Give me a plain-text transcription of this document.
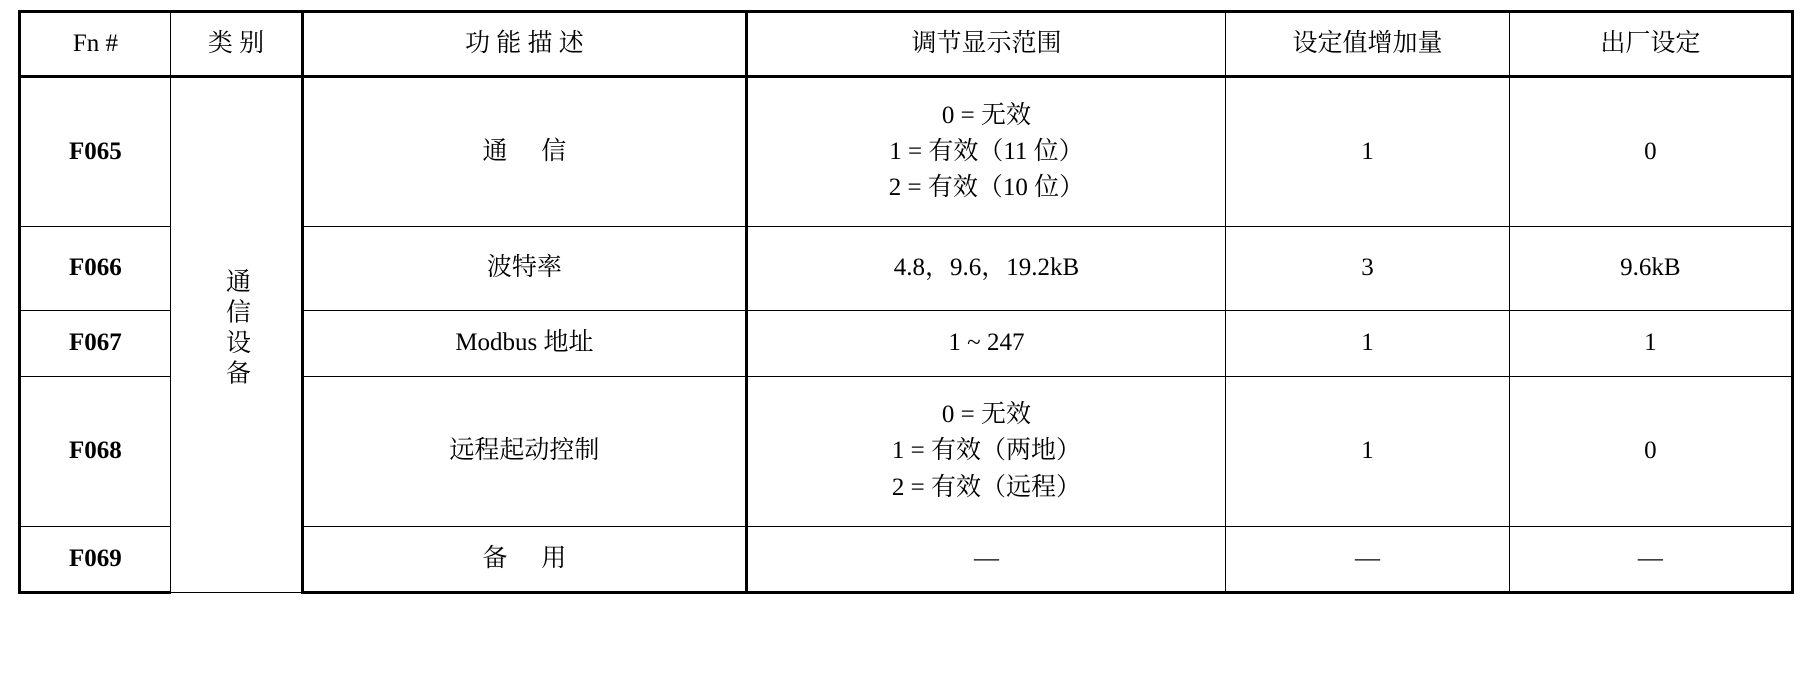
Fn #	类 别	功 能 描 述	调节显示范围	设定值增加量	出厂设定
F065	通信设备	通 信	0 = 无效
1 = 有效（11 位）
2 = 有效（10 位）	1	0
F066		波特率	4.8，9.6，19.2kB	3	9.6kB
F067		Modbus 地址	1 ~ 247	1	1
F068		远程起动控制	0 = 无效
1 = 有效（两地）
2 = 有效（远程）	1	0
F069		备 用	—	—	—
